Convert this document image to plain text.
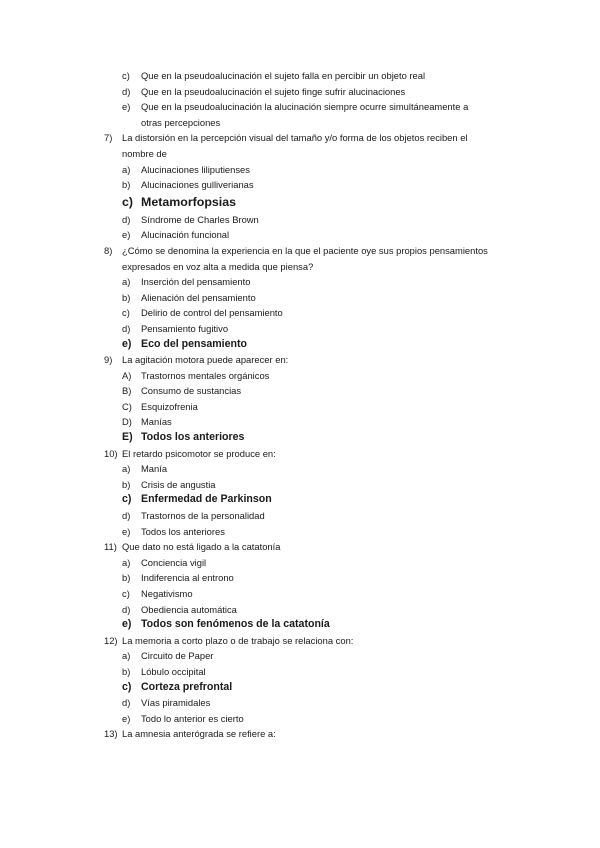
c) Que en la pseudoalucinación el sujeto falla en percibir un objeto real
d) Que en la pseudoalucinación el sujeto finge sufrir alucinaciones
e) Que en la pseudoalucinación la alucinación siempre ocurre simultáneamente a
otras percepciones
7) La distorsión en la percepción visual del tamaño y/o forma de los objetos reciben el
nombre de
a) Alucinaciones liliputienses
b) Alucinaciones gulliverianas
c) Metamorfopsias
d) Síndrome de Charles Brown
e) Alucinación funcional
8) ¿Cómo se denomina la experiencia en la que el paciente oye sus propios pensamientos
expresados en voz alta a medida que piensa?
a) Inserción del pensamiento
b) Alienación del pensamiento
c) Delirio de control del pensamiento
d) Pensamiento fugitivo
e) Eco del pensamiento
9) La agitación motora puede aparecer en:
A) Trastornos mentales orgánicos
B) Consumo de sustancias
C) Esquizofrenia
D) Manías
E) Todos los anteriores
10) El retardo psicomotor se produce en:
a) Manía
b) Crisis de angustia
c) Enfermedad de Parkinson
d) Trastornos de la personalidad
e) Todos los anteriores
11) Que dato no está ligado a la catatonía
a) Conciencia vigil
b) Indiferencia al entrono
c) Negativismo
d) Obediencia automática
e) Todos son fenómenos de la catatonía
12) La memoria a corto plazo o de trabajo se relaciona con:
a) Circuito de Paper
b) Lóbulo occipital
c) Corteza prefrontal
d) Vías piramidales
e) Todo lo anterior es cierto
13) La amnesia anterógrada se refiere a:
